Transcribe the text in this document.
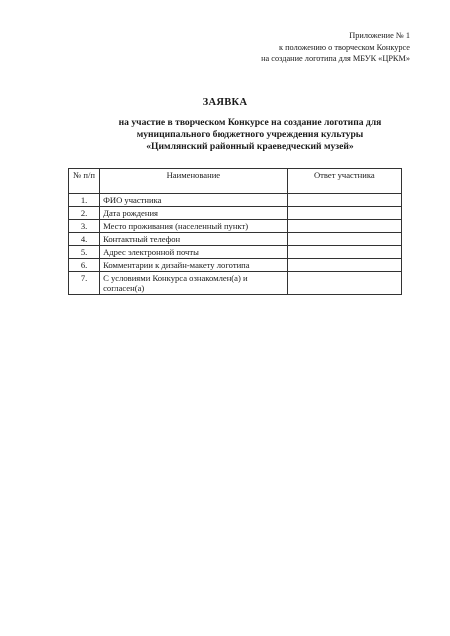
Приложение № 1
к положению о творческом Конкурсе
на создание логотипа для МБУК «ЦРКМ»
ЗАЯВКА
на участие в творческом Конкурсе на создание логотипа для
муниципального бюджетного учреждения культуры
«Цимлянский районный краеведческий музей»
№ п/п	Наименование	Ответ участника
1.	ФИО участника	
2.	Дата рождения	
3.	Место проживания (населенный пункт)	
4.	Контактный телефон	
5.	Адрес электронной почты	
6.	Комментарии к дизайн-макету логотипа	
7.	С условиями Конкурса ознакомлен(а) и согласен(а)	
